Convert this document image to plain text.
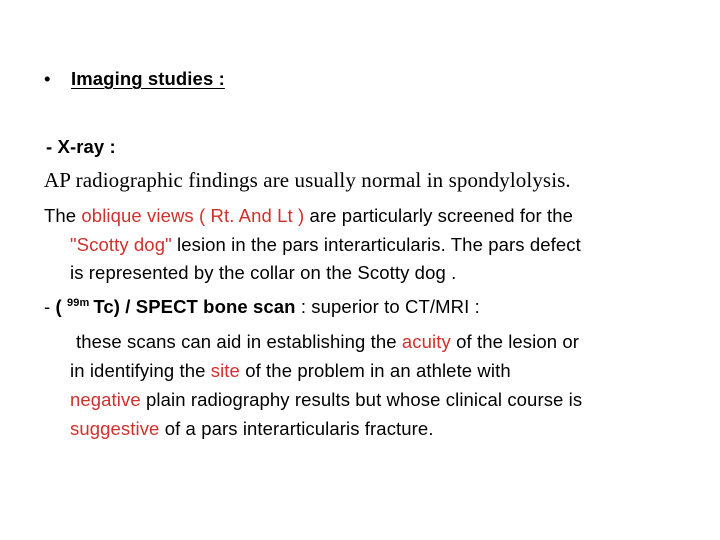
• Imaging studies :
- X-ray :
AP radiographic findings are usually normal in spondylolysis.
The oblique views ( Rt. And Lt ) are particularly screened for the
"Scotty dog" lesion in the pars interarticularis. The pars defect
is represented by the collar on the Scotty dog .
- ( $^{99m}$ Tc) / SPECT bone scan : superior to CT/MRI :
these scans can aid in establishing the acuity of the lesion or
in identifying the site of the problem in an athlete with
negative plain radiography results but whose clinical course is
suggestive of a pars interarticularis fracture.
